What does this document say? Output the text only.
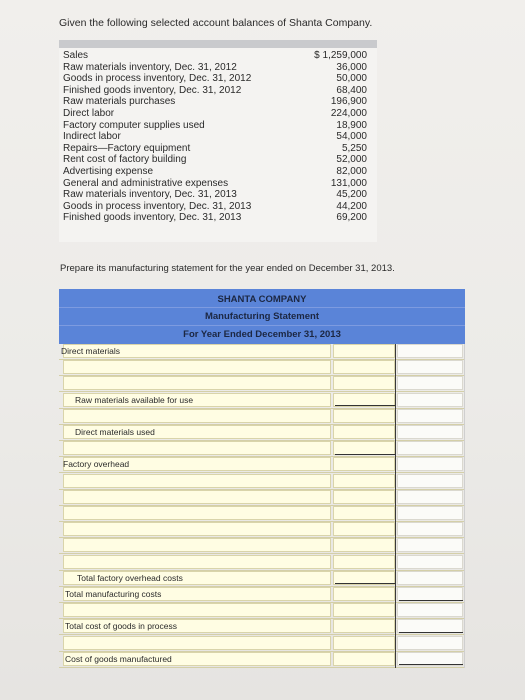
Given the following selected account balances of Shanta Company.
Sales	$ 1,259,000
Raw materials inventory, Dec. 31, 2012	36,000
Goods in process inventory, Dec. 31, 2012	50,000
Finished goods inventory, Dec. 31, 2012	68,400
Raw materials purchases	196,900
Direct labor	224,000
Factory computer supplies used	18,900
Indirect labor	54,000
Repairs—Factory equipment	5,250
Rent cost of factory building	52,000
Advertising expense	82,000
General and administrative expenses	131,000
Raw materials inventory, Dec. 31, 2013	45,200
Goods in process inventory, Dec. 31, 2013	44,200
Finished goods inventory, Dec. 31, 2013	69,200
Prepare its manufacturing statement for the year ended on December 31, 2013.
SHANTA COMPANY
Manufacturing Statement
For Year Ended December 31, 2013
Direct materials
Raw materials available for use
Direct materials used
Factory overhead
Total factory overhead costs
Total manufacturing costs
Total cost of goods in process
Cost of goods manufactured
